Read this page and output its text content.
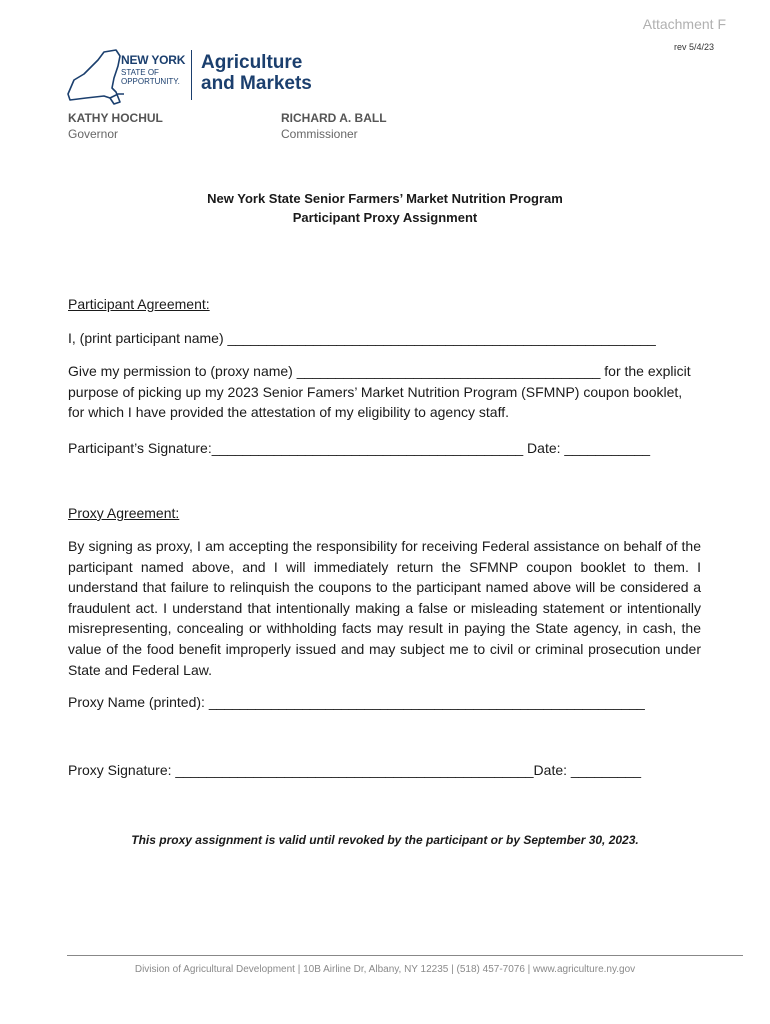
Attachment F
rev 5/4/23
NEW YORK
STATE OF
OPPORTUNITY.
Agriculture
and Markets
KATHY HOCHUL
Governor
RICHARD A. BALL
Commissioner
New York State Senior Farmers’ Market Nutrition Program
Participant Proxy Assignment
Participant Agreement:
I, (print participant name) _______________________________________________________
Give my permission to (proxy name) _______________________________________ for the explicit purpose of picking up my 2023 Senior Famers’ Market Nutrition Program (SFMNP) coupon booklet, for which I have provided the attestation of my eligibility to agency staff.
Participant’s Signature:________________________________________ Date: ___________
Proxy Agreement:
By signing as proxy, I am accepting the responsibility for receiving Federal assistance on behalf of the participant named above, and I will immediately return the SFMNP coupon booklet to them. I understand that failure to relinquish the coupons to the participant named above will be considered a fraudulent act. I understand that intentionally making a false or misleading statement or intentionally misrepresenting, concealing or withholding facts may result in paying the State agency, in cash, the value of the food benefit improperly issued and may subject me to civil or criminal prosecution under State and Federal Law.
Proxy Name (printed): ________________________________________________________
Proxy Signature: ______________________________________________Date: _________
This proxy assignment is valid until revoked by the participant or by September 30, 2023.
Division of Agricultural Development | 10B Airline Dr, Albany, NY 12235 | (518) 457-7076 | www.agriculture.ny.gov
